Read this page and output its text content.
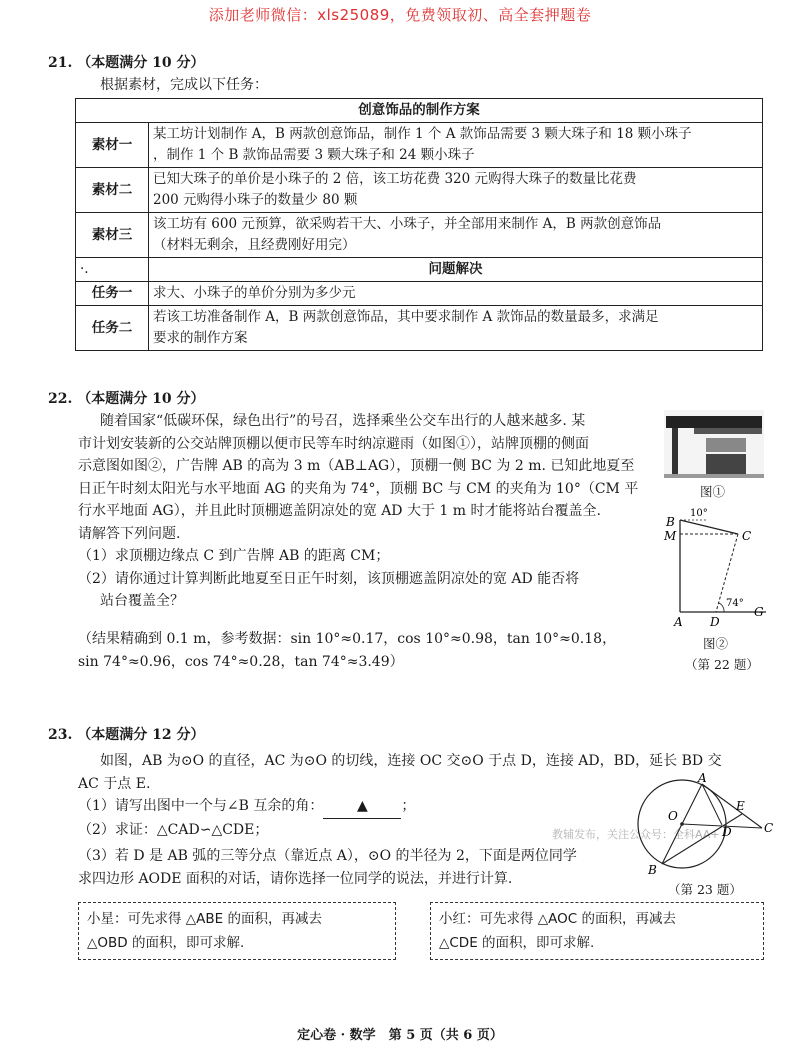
添加老师微信：xls25089，免费领取初、高全套押题卷
21. （本题满分 10 分）
根据素材，完成以下任务：
创意饰品的制作方案	
素材一	某工坊计划制作 A，B 两款创意饰品，制作 1 个 A 款饰品需要 3 颗大珠子和 18 颗小珠子
，制作 1 个 B 款饰品需要 3 颗大珠子和 24 颗小珠子
素材二	已知大珠子的单价是小珠子的 2 倍，该工坊花费 320 元购得大珠子的数量比花费
200 元购得小珠子的数量少 80 颗
素材三	该工坊有 600 元预算，欲采购若干大、小珠子，并全部用来制作 A，B 两款创意饰品
（材料无剩余，且经费刚好用完）
·.	问题解决
任务一	求大、小珠子的单价分别为多少元
任务二	若该工坊准备制作 A，B 两款创意饰品，其中要求制作 A 款饰品的数量最多，求满足
要求的制作方案
22. （本题满分 10 分）
随着国家“低碳环保，绿色出行”的号召，选择乘坐公交车出行的人越来越多. 某
市计划安装新的公交站牌顶棚以便市民等车时纳凉避雨（如图①），站牌顶棚的侧面
示意图如图②，广告牌 AB 的高为 3 m（AB⊥AG），顶棚一侧 BC 为 2 m. 已知此地夏至
日正午时刻太阳光与水平地面 AG 的夹角为 74°，顶棚 BC 与 CM 的夹角为 10°（CM 平
行水平地面 AG），并且此时顶棚遮盖阴凉处的宽 AD 大于 1 m 时才能将站台覆盖全.
请解答下列问题.
（1）求顶棚边缘点 C 到广告牌 AB 的距离 CM；
（2）请你通过计算判断此地夏至日正午时刻，该顶棚遮盖阴凉处的宽 AD 能否将
站台覆盖全？
（结果精确到 0.1 m，参考数据：sin 10°≈0.17，cos 10°≈0.98，tan 10°≈0.18，
sin 74°≈0.96，cos 74°≈0.28，tan 74°≈3.49）
图①
B
M	C
A D
G
10°
74°
图②
（第 22 题）
23. （本题满分 12 分）
如图，AB 为⊙O 的直径，AC 为⊙O 的切线，连接 OC 交⊙O 于点 D，连接 AD，BD，延长 BD 交
AC 于点 E.
（1）请写出图中一个与∠B 互余的角： ▲ ；
（2）求证：△CAD∽△CDE；
（3）若 D 是 AB 弧的三等分点（靠近点 A），⊙O 的半径为 2，下面是两位同学
求四边形 AODE 面积的对话，请你选择一位同学的说法，并进行计算.
教辅发布，关注公众号：全科AA+
A
O
D
E
C
B
（第 23 题）
小星：可先求得 △ABE 的面积，再减去
△OBD 的面积，即可求解.
小红：可先求得 △AOC 的面积，再减去
△CDE 的面积，即可求解.
定心卷 · 数学　第 5 页（共 6 页）
